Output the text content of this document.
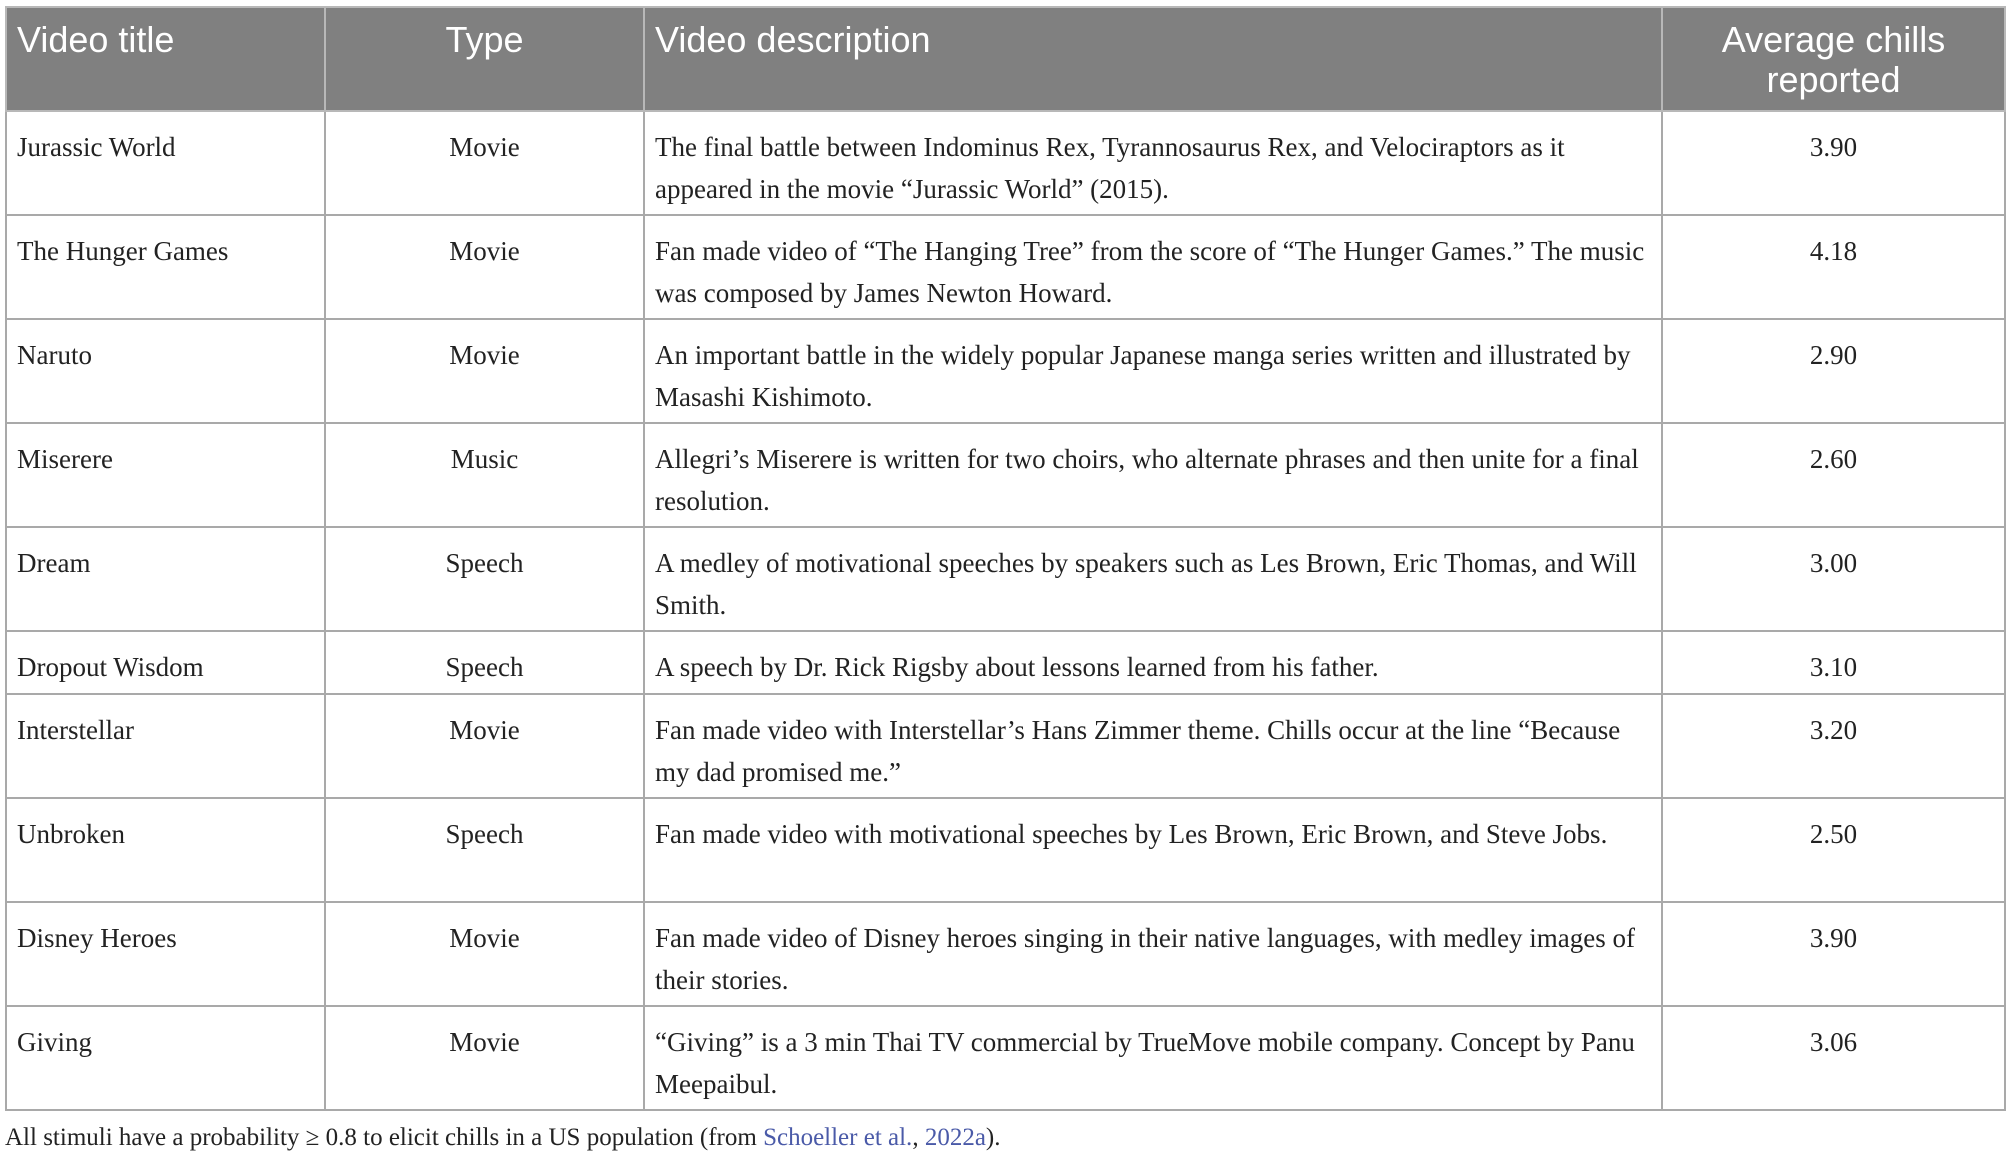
Video title	Type	Video description	Average chills reported
Jurassic World	Movie	The final battle between Indominus Rex, Tyrannosaurus Rex, and Velociraptors as it appeared in the movie “Jurassic World” (2015).	3.90
The Hunger Games	Movie	Fan made video of “The Hanging Tree” from the score of “The Hunger Games.” The music was composed by James Newton Howard.	4.18
Naruto	Movie	An important battle in the widely popular Japanese manga series written and illustrated by Masashi Kishimoto.	2.90
Miserere	Music	Allegri’s Miserere is written for two choirs, who alternate phrases and then unite for a final resolution.	2.60
Dream	Speech	A medley of motivational speeches by speakers such as Les Brown, Eric Thomas, and Will Smith.	3.00
Dropout Wisdom	Speech	A speech by Dr. Rick Rigsby about lessons learned from his father.	3.10
Interstellar	Movie	Fan made video with Interstellar’s Hans Zimmer theme. Chills occur at the line “Because my dad promised me.”	3.20
Unbroken	Speech	Fan made video with motivational speeches by Les Brown, Eric Brown, and Steve Jobs.	2.50
Disney Heroes	Movie	Fan made video of Disney heroes singing in their native languages, with medley images of their stories.	3.90
Giving	Movie	“Giving” is a 3 min Thai TV commercial by TrueMove mobile company. Concept by Panu Meepaibul.	3.06
All stimuli have a probability ≥ 0.8 to elicit chills in a US population (from Schoeller et al., 2022a).
